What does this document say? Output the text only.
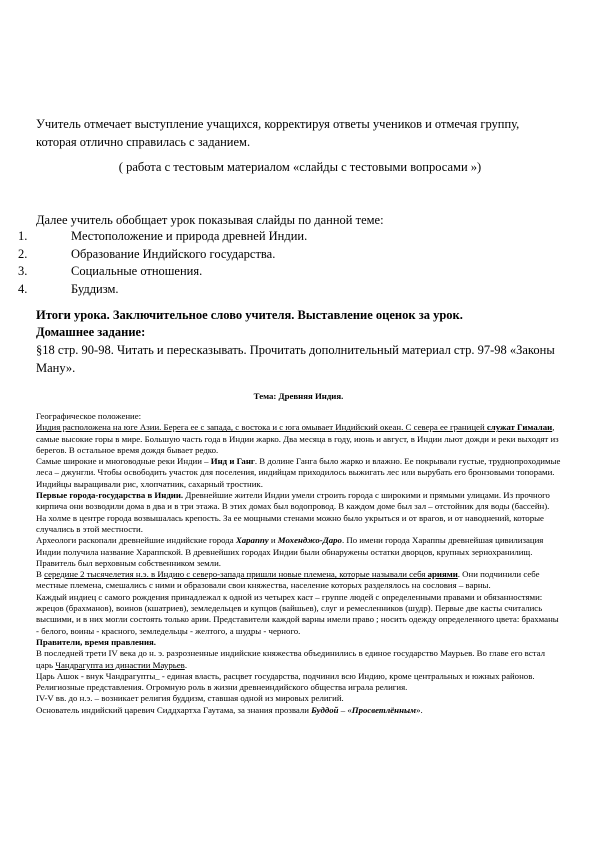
Учитель отмечает выступление учащихся, корректируя ответы учеников и отмечая группу, которая отлично справилась с заданием.

( работа с тестовым материалом «слайды с тестовыми вопросами »)

Далее учитель обобщает урок показывая слайды по данной теме:

1.	Местоположение и природа древней Индии.
2.	Образование Индийского государства.
3.	Социальные отношения.
4.	Буддизм.

Итоги урока. Заключительное слово учителя. Выставление оценок за урок.

Домашнее задание:

§18 стр. 90-98. Читать и пересказывать. Прочитать дополнительный материал стр. 97-98 «Законы Ману».

Тема: Древняя Индия.

Географическое положение:
Индия расположена на юге Азии. Берега ее с запада, с востока и с юга омывает Индийский океан. С севера ее границей служат Гималаи, самые высокие горы в мире. Большую часть года в Индии жарко. Два месяца в году, июнь и август, в Индии льют дожди и реки выходят из берегов. В остальное время дождя бывает редко.
Самые широкие и многоводные реки Индии – Инд и Ганг. В долине Ганга было жарко и влажно. Ее покрывали густые, труднопроходимые леса – джунгли. Чтобы освободить участок для поселения, индийцам приходилось выжигать лес или вырубать его бронзовыми топорами. Индийцы выращивали рис, хлопчатник, сахарный тростник.
Первые города-государства в Индии. Древнейшие жители Индии умели строить города с широкими и прямыми улицами. Из прочного кирпича они возводили дома в два и в три этажа. В этих домах был водопровод. В каждом доме был зал – отстойник для воды (бассейн). На холме в центре города возвышалась крепость. За ее мощными стенами можно было укрыться и от врагов, и от наводнений, которые случались в этой местности.
Археологи раскопали древнейшие индийские города Хараппу и Мохенджо-Даро. По имени города Хараппы древнейшая цивилизация Индии получила название Хараппской. В древнейших городах Индии были обнаружены остатки дворцов, крупных зернохранилищ.
Правитель был верховным собственником земли.
В середине 2 тысячелетия н.э. в Индию с северо-запада пришли новые племена, которые называли себя ариями. Они подчинили себе местные племена, смешались с ними и образовали свои княжества, население которых разделялось на сословия – варны.
Каждый индиец с самого рождения принадлежал к одной из четырех каст – группе людей с определенными правами и обязанностями: жрецов (брахманов), воинов (кшатриев), земледельцев и купцов (вайшьев), слуг и ремесленников (шудр). Первые две касты считались высшими, и в них могли состоять только арии. Представители каждой варны имели право ; носить одежду определенного цвета: брахманы - белого, воины - красного, земледельцы - желтого, а шудры - черного.
Правители, время правления.
В последней трети IV века до н. э. разрозненные индийские княжества объединились в единое государство Маурьев. Во главе его встал царь Чандрагупта из династии Маурьев.
Царь Ашок - внук Чандрагупты_ - единая власть, расцвет государства, подчинил всю Индию, кроме центральных и южных районов.
Религиозные представления. Огромную роль в жизни древнеиндийского общества играла религия.
IV-V вв. до н.э. – возникает религия буддизм, ставшая одной из мировых религий.
Основатель индийский царевич Сиддхартха Гаутама, за знания прозвали Буддой – «Просветлённым».
